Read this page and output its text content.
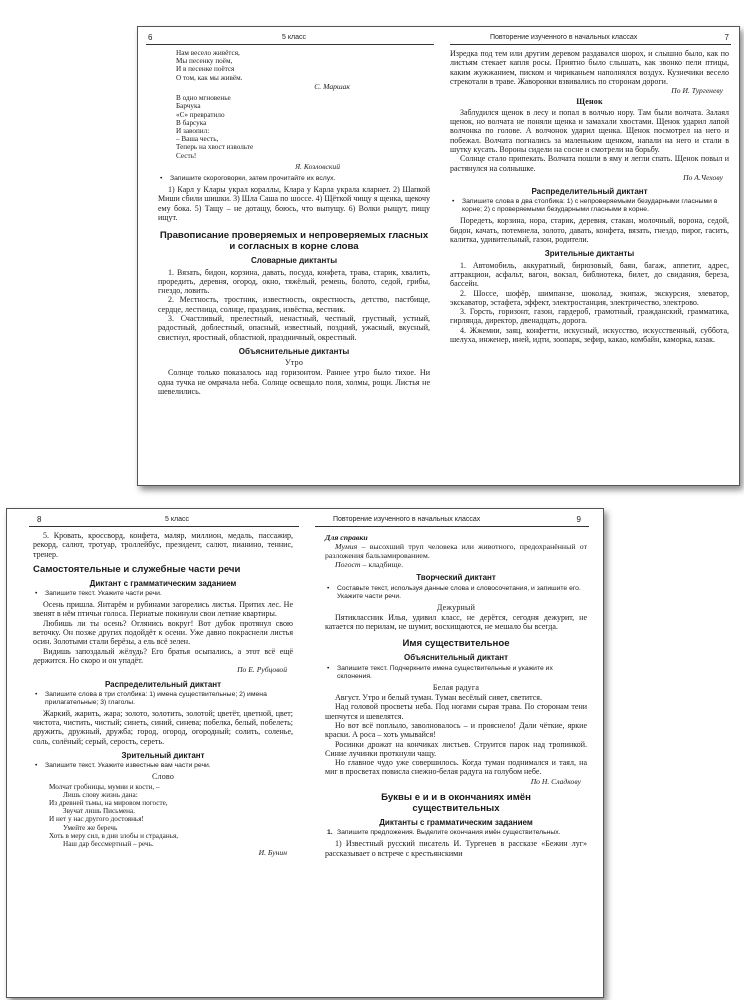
6	5 класс
Нам весело живётся,
Мы песенку поём,
И в песенке поётся
О том, как мы живём.
С. Маршак
В одно мгновенье
Барчука
«С» превратило
В барсука
И завопил:
– Ваша честь,
Теперь на хвост извольте
Сесть!
Я. Козловский
• Запишите скороговорки, затем прочитайте их вслух.

1) Карл у Клары украл кораллы, Клара у Карла украла кларнет. 2) Шапкой Миши сбили шишки. 3) Шла Саша по шоссе. 4) Щёткой чищу я щенка, щекочу ему бока. 5) Тащу – не дотащу, боюсь, что выпущу. 6) Волки рыщут, пищу ищут.

Правописание проверяемых и непроверяемых гласных и согласных в корне слова
Словарные диктанты

1. Вязать, бидон, корзина, давать, посуда, конфета, трава, старик, хвалить, проредить, деревня, огород, окно, тяжёлый, ремень, болото, седой, грибы, гнездо, ловить.

2. Местность, тростник, известность, окрестность, детство, пастбище, сердце, лестница, солнце, праздник, извёстка, вестник.

3. Счастливый, прелестный, ненастный, честный, грустный, устный, радостный, доблестный, опасный, известный, поздний, ужасный, вкусный, свистнул, яростный, областной, праздничный, окрестный.

Объяснительные диктанты
Утро

Солнце только показалось над горизонтом. Раннее утро было тихое. Ни одна тучка не омрачала неба. Солнце освещало поля, холмы, рощи. Листья не шевелились.

Повторение изученного в начальных классах	7

Изредка под тем или другим деревом раздавался шорох, и слышно было, как по листьям стекает капля росы. Приятно было слышать, как звонко пели птицы, каким жужжанием, писком и чириканьем наполнялся воздух. Кузнечики весело стрекотали в траве. Жаворонки взвивались по сторонам дороги.

По И. Тургеневу
Щенок

Заблудился щенок в лесу и попал в волчью нору. Там были волчата. Залаял щенок, но волчата не поняли щенка и замахали хвостами. Щенок ударил лапой волчонка по голове. А волчонок ударил щенка. Щенок посмотрел на него и побежал. Волчата погнались за маленьким щенком, напали на него и стали в шутку кусать. Вороны сидели на сосне и смотрели на борьбу.

Солнце стало припекать. Волчата пошли в яму и легли спать. Щенок повыл и растянулся на солнышке.

По А.Чехову
Распределительный диктант
• Запишите слова в два столбика: 1) с непроверяемыми безударными гласными в корне; 2) с проверяемыми безударными гласными в корне.

Поредеть, корзина, нора, старик, деревня, стакан, молочный, ворона, седой, бидон, качать, потемнела, золото, давать, конфета, вязать, гнездо, пирог, гасить, калитка, удивительный, газон, родители.

Зрительные диктанты

1. Автомобиль, аккуратный, бирюзовый, баян, багаж, аппетит, адрес, аттракцион, асфальт, вагон, вокзал, библиотека, билет, до свидания, береза, бассейн.

2. Шоссе, шофёр, шимпанзе, шоколад, экипаж, экскурсия, элеватор, экскаватор, эстафета, эффект, электростанция, электричество, электрово.

3. Горсть, горизонт, газон, гардероб, грамотный, гражданский, грамматика, гирлянда, директор, двенадцать, дорога.

4. Жжемии, заяц, конфетти, искусный, искусство, искусственный, суббота, шелуха, инженер, иней, идти, зоопарк, зефир, какао, комбайн, каморка, казак.

8	5 класс

5. Кровать, кроссворд, конфета, маляр, миллион, медаль, пассажир, рекорд, салют, тротуар, троллейбус, президент, салют, пианино, теннис, тренер.

Самостоятельные и служебные части речи
Диктант с грамматическим заданием
• Запишите текст. Укажите части речи.

Осень пришла. Янтарём и рубинами загорелись листья. Притих лес. Не звенят в нём птичьи голоса. Пернатые покинули свои летние квартиры.

Любишь ли ты осень? Оглянись вокруг! Вот дубок протянул свою веточку. Он позже других подойдёт к осени. Уже давно покраснели листья осин. Золотыми стали берёзы, а ель всё зелен.

Видишь запоздалый жёлудь? Его братья осыпались, а этот всё ещё держится. Но скоро и он упадёт.

По Е. Рубцовой
Распределительный диктант
• Запишите слова в три столбика: 1) имена существительные; 2) имена прилагательные; 3) глаголы.

Жаркий, жарить, жара; золото, золотить, золотой; цветёт, цветной, цвет; чистота, чистить, чистый; синеть, синий, синева; побелка, белый, побелеть; дружить, дружный, дружба; город, огород, огородный; солить, соленье, соль, солёный; серый, серость, сереть.

Зрительный диктант
• Запишите текст. Укажите известные вам части речи.
Слово
Молчат гробницы, мумии и кости, –
Лишь слову жизнь дана:
Из древней тьмы, на мировом погосте,
Звучат лишь Письмена.
И нет у нас другого достоянья!
Умейте же беречь
Хоть в меру сил, в дни злобы и страданья,
Наш дар бессмертный – речь.
И. Бунин
Повторение изученного в начальных классах	9
Для справки

Мумия – высохший труп человека или животного, предохранённый от разложения бальзамированием.

Погост – кладбище.

Творческий диктант
• Составьте текст, используя данные слова и словосочетания, и запишите его. Укажите части речи.
Дежурный

Пятиклассник Илья, удивил класс, не дерётся, сегодня дежурит, не катается по перилам, не шумит, восхищаются, не мешало бы всегда.

Имя существительное
Объяснительный диктант
• Запишите текст. Подчеркните имена существительные и укажите их склонения.
Белая радуга

Август. Утро и белый туман. Туман весёлый сияет, светится.

Над головой просветы неба. Под ногами сырая трава. По сторонам тени шепчутся и шевелятся.

Но вот всё поплыло, заволновалось – и прояснело! Дали чёткие, яркие краски. А роса – хоть умывайся!

Росинки дрожат на кончиках листьев. Струится парок над тропинкой. Синие лучинки проткнули чащу.

Но главное чудо уже совершилось. Когда туман поднимался и таял, на миг в просветах повисла снежно-белая радуга на голубом небе.

По Н. Сладкову
Буквы е и и в окончаниях имён существительных
Диктанты с грамматическим заданием
1. Запишите предложения. Выделите окончания имён существительных.

1) Известный русский писатель И. Тургенев в рассказе «Бежин луг» рассказывает о встрече с крестьянскими
